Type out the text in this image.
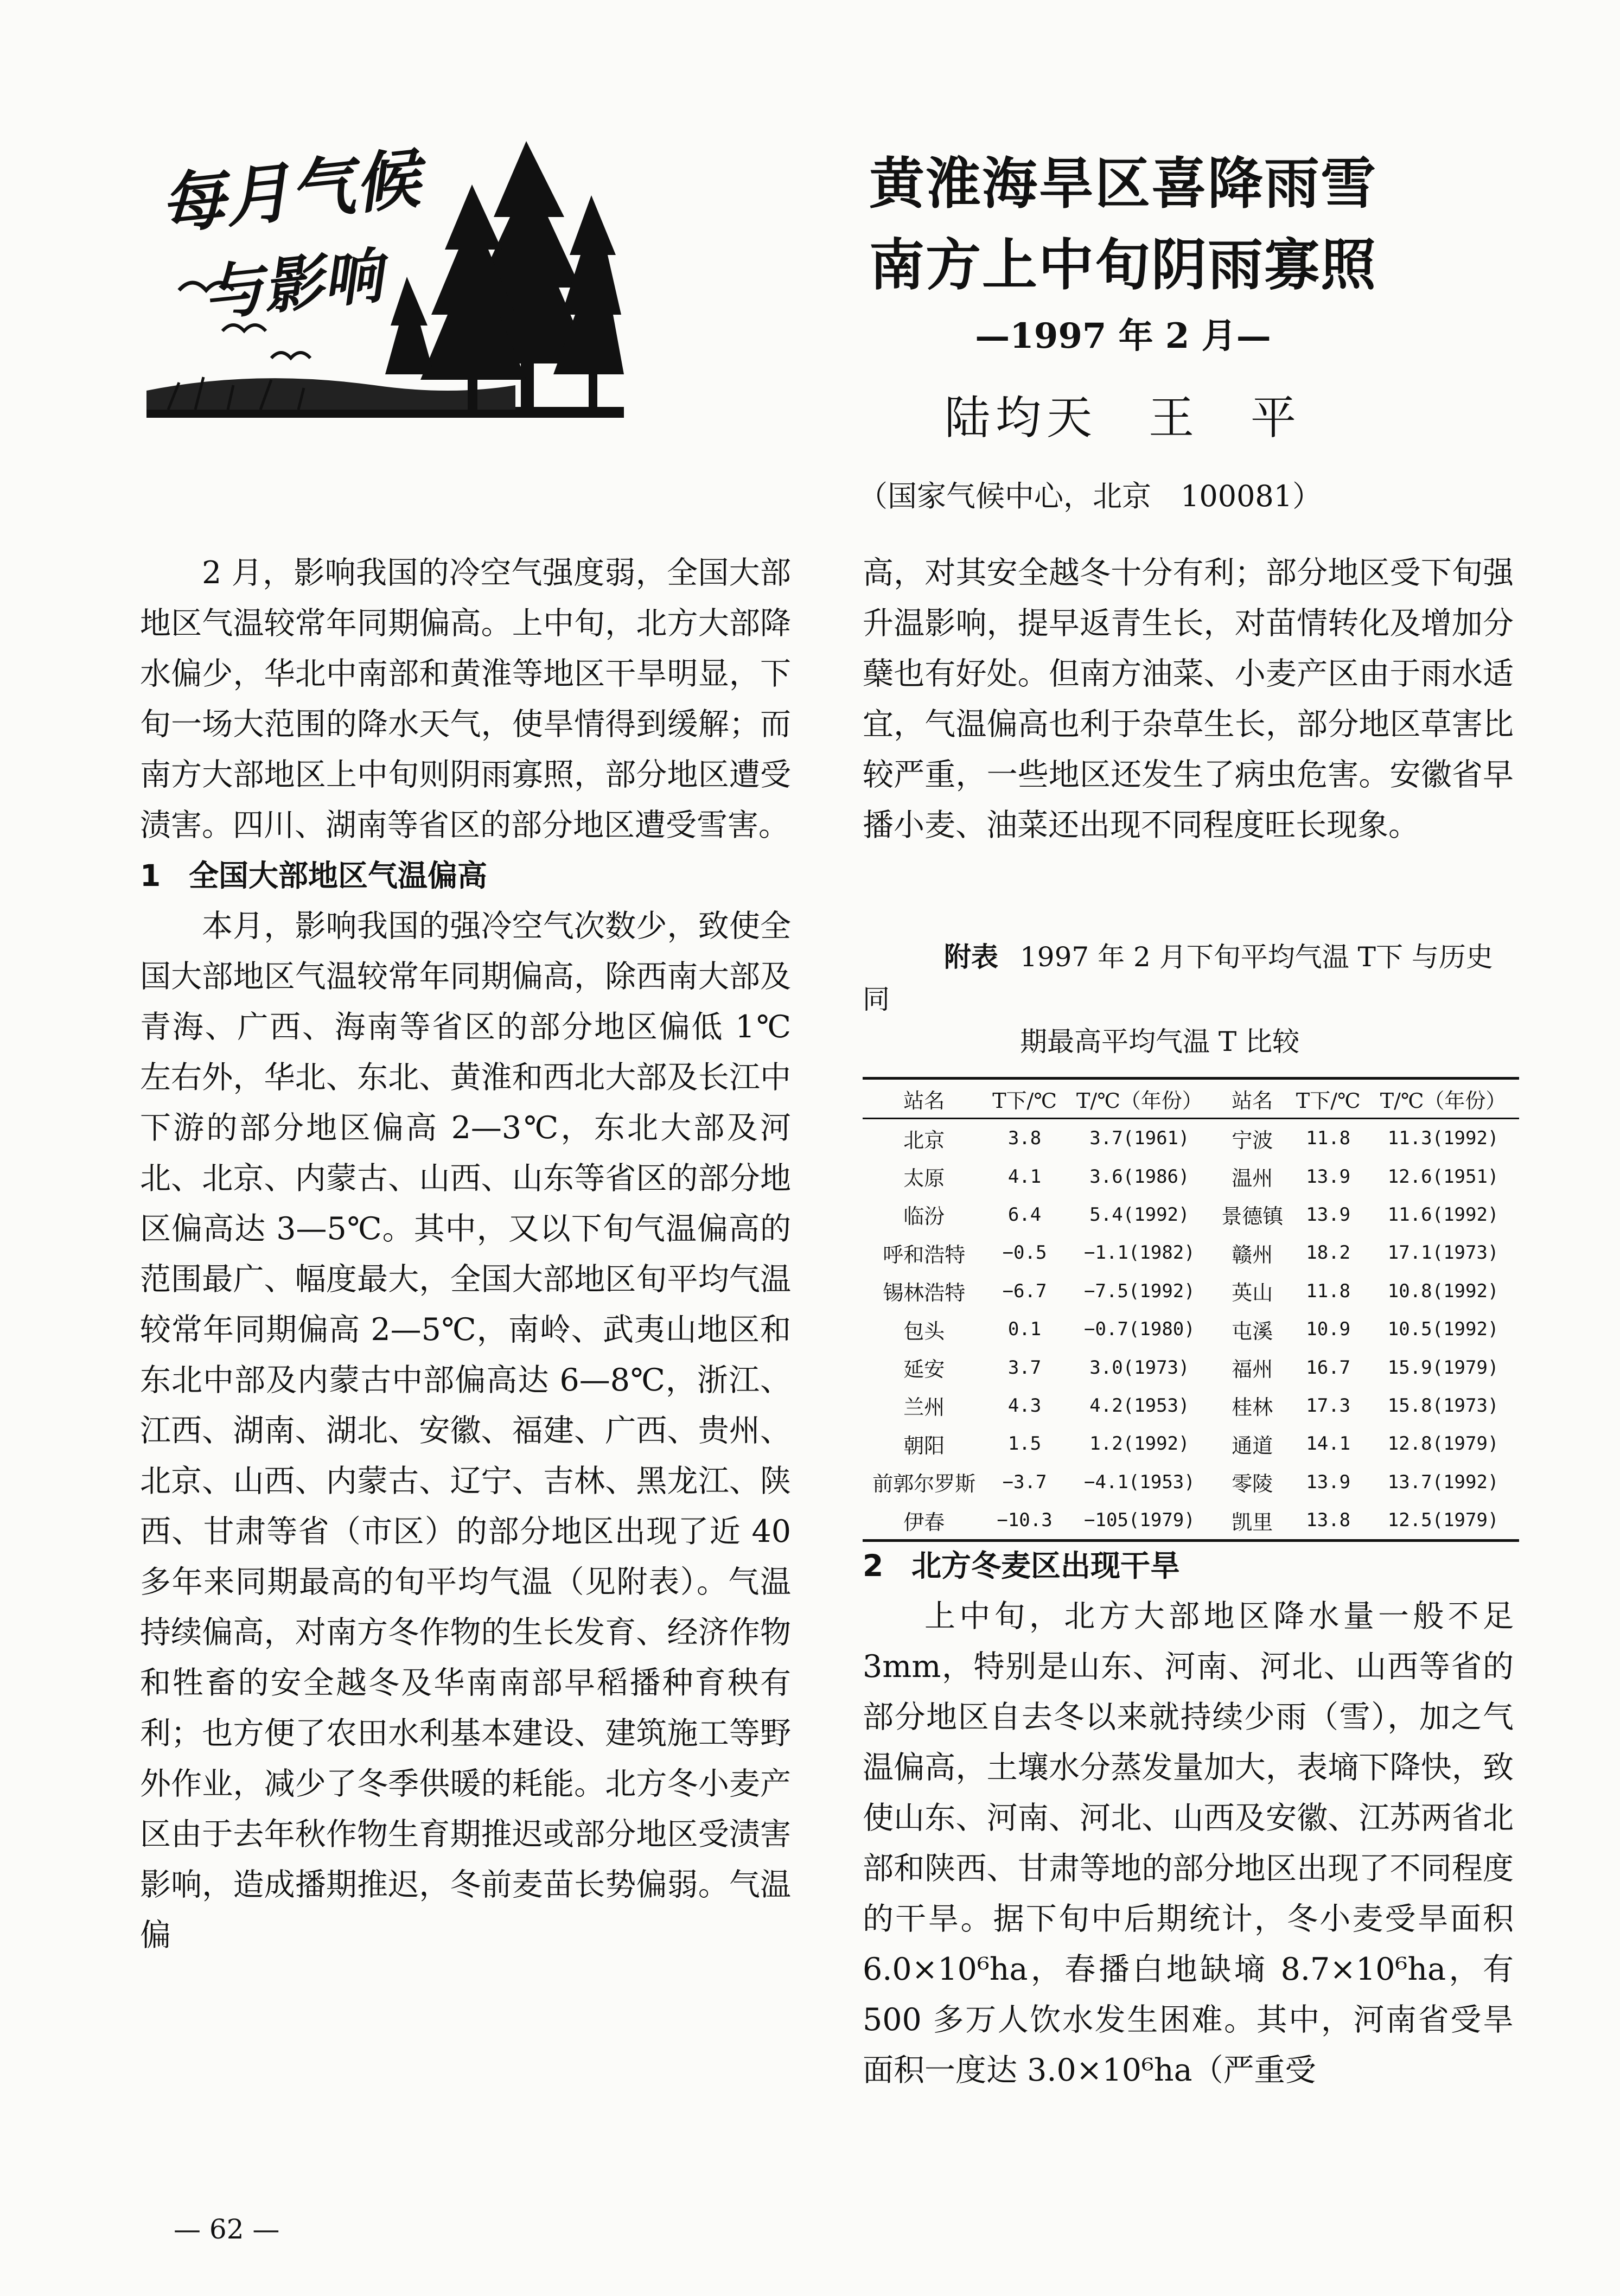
每月气候
与影响
黄淮海旱区喜降雨雪
南方上中旬阴雨寡照
—1997 年 2 月—
陆均天　王　平
（国家气候中心，北京　100081）

2 月，影响我国的冷空气强度弱，全国大部地区气温较常年同期偏高。上中旬，北方大部降水偏少，华北中南部和黄淮等地区干旱明显，下旬一场大范围的降水天气，使旱情得到缓解；而南方大部地区上中旬则阴雨寡照，部分地区遭受渍害。四川、湖南等省区的部分地区遭受雪害。

1 全国大部地区气温偏高

本月，影响我国的强冷空气次数少，致使全国大部地区气温较常年同期偏高，除西南大部及青海、广西、海南等省区的部分地区偏低 1℃左右外，华北、东北、黄淮和西北大部及长江中下游的部分地区偏高 2—3℃，东北大部及河北、北京、内蒙古、山西、山东等省区的部分地区偏高达 3—5℃。其中，又以下旬气温偏高的范围最广、幅度最大，全国大部地区旬平均气温较常年同期偏高 2—5℃，南岭、武夷山地区和东北中部及内蒙古中部偏高达 6—8℃，浙江、江西、湖南、湖北、安徽、福建、广西、贵州、北京、山西、内蒙古、辽宁、吉林、黑龙江、陕西、甘肃等省（市区）的部分地区出现了近 40 多年来同期最高的旬平均气温（见附表）。气温持续偏高，对南方冬作物的生长发育、经济作物和牲畜的安全越冬及华南南部早稻播种育秧有利；也方便了农田水利基本建设、建筑施工等野外作业，减少了冬季供暖的耗能。北方冬小麦产区由于去年秋作物生育期推迟或部分地区受渍害影响，造成播期推迟，冬前麦苗长势偏弱。气温偏

高，对其安全越冬十分有利；部分地区受下旬强升温影响，提早返青生长，对苗情转化及增加分蘖也有好处。但南方油菜、小麦产区由于雨水适宜，气温偏高也利于杂草生长，部分地区草害比较严重，一些地区还发生了病虫危害。安徽省早播小麦、油菜还出现不同程度旺长现象。

附表 1997 年 2 月下旬平均气温 T下 与历史同
期最高平均气温 T 比较
站名	T下/℃	T/℃（年份）	站名	T下/℃	T/℃（年份）
北京	3.8	3.7(1961)	宁波	11.8	11.3(1992)
太原	4.1	3.6(1986)	温州	13.9	12.6(1951)
临汾	6.4	5.4(1992)	景德镇	13.9	11.6(1992)
呼和浩特	−0.5	−1.1(1982)	赣州	18.2	17.1(1973)
锡林浩特	−6.7	−7.5(1992)	英山	11.8	10.8(1992)
包头	0.1	−0.7(1980)	屯溪	10.9	10.5(1992)
延安	3.7	3.0(1973)	福州	16.7	15.9(1979)
兰州	4.3	4.2(1953)	桂林	17.3	15.8(1973)
朝阳	1.5	1.2(1992)	通道	14.1	12.8(1979)
前郭尔罗斯	−3.7	−4.1(1953)	零陵	13.9	13.7(1992)
伊春	−10.3	−105(1979)	凯里	13.8	12.5(1979)

2 北方冬麦区出现干旱

上中旬，北方大部地区降水量一般不足 3mm，特别是山东、河南、河北、山西等省的部分地区自去冬以来就持续少雨（雪），加之气温偏高，土壤水分蒸发量加大，表墒下降快，致使山东、河南、河北、山西及安徽、江苏两省北部和陕西、甘肃等地的部分地区出现了不同程度的干旱。据下旬中后期统计，冬小麦受旱面积 6.0×10⁶ha，春播白地缺墒 8.7×10⁶ha，有 500 多万人饮水发生困难。其中，河南省受旱面积一度达 3.0×10⁶ha（严重受

— 62 —
